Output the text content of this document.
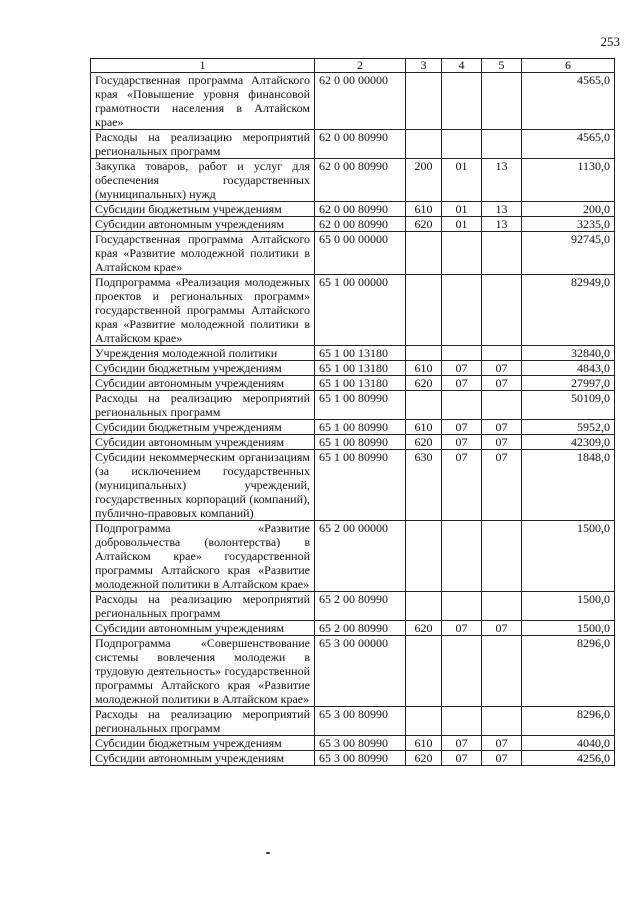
253
1	2	3	4	5	6
Государственная программа Алтайского края «Повышение уровня финансовой грамотности населения в Алтайском крае»	62 0 00 00000				4565,0
Расходы на реализацию мероприятий региональных программ	62 0 00 80990				4565,0
Закупка товаров, работ и услуг для обеспечения государственных (муниципальных) нужд	62 0 00 80990	200	01	13	1130,0
Субсидии бюджетным учреждениям	62 0 00 80990	610	01	13	200,0
Субсидии автономным учреждениям	62 0 00 80990	620	01	13	3235,0
Государственная программа Алтайского края «Развитие молодежной политики в Алтайском крае»	65 0 00 00000				92745,0
Подпрограмма «Реализация молодежных проектов и региональных программ» государственной программы Алтайского края «Развитие молодежной политики в Алтайском крае»	65 1 00 00000				82949,0
Учреждения молодежной политики	65 1 00 13180				32840,0
Субсидии бюджетным учреждениям	65 1 00 13180	610	07	07	4843,0
Субсидии автономным учреждениям	65 1 00 13180	620	07	07	27997,0
Расходы на реализацию мероприятий региональных программ	65 1 00 80990				50109,0
Субсидии бюджетным учреждениям	65 1 00 80990	610	07	07	5952,0
Субсидии автономным учреждениям	65 1 00 80990	620	07	07	42309,0
Субсидии некоммерческим организациям (за исключением государственных (муниципальных) учреждений, государственных корпораций (компаний), публично-правовых компаний)	65 1 00 80990	630	07	07	1848,0
Подпрограмма «Развитие добровольчества (волонтерства) в Алтайском крае» государственной программы Алтайского края «Развитие молодежной политики в Алтайском крае»	65 2 00 00000				1500,0
Расходы на реализацию мероприятий региональных программ	65 2 00 80990				1500,0
Субсидии автономным учреждениям	65 2 00 80990	620	07	07	1500,0
Подпрограмма «Совершенствование системы вовлечения молодежи в трудовую деятельность» государственной программы Алтайского края «Развитие молодежной политики в Алтайском крае»	65 3 00 00000				8296,0
Расходы на реализацию мероприятий региональных программ	65 3 00 80990				8296,0
Субсидии бюджетным учреждениям	65 3 00 80990	610	07	07	4040,0
Субсидии автономным учреждениям	65 3 00 80990	620	07	07	4256,0
